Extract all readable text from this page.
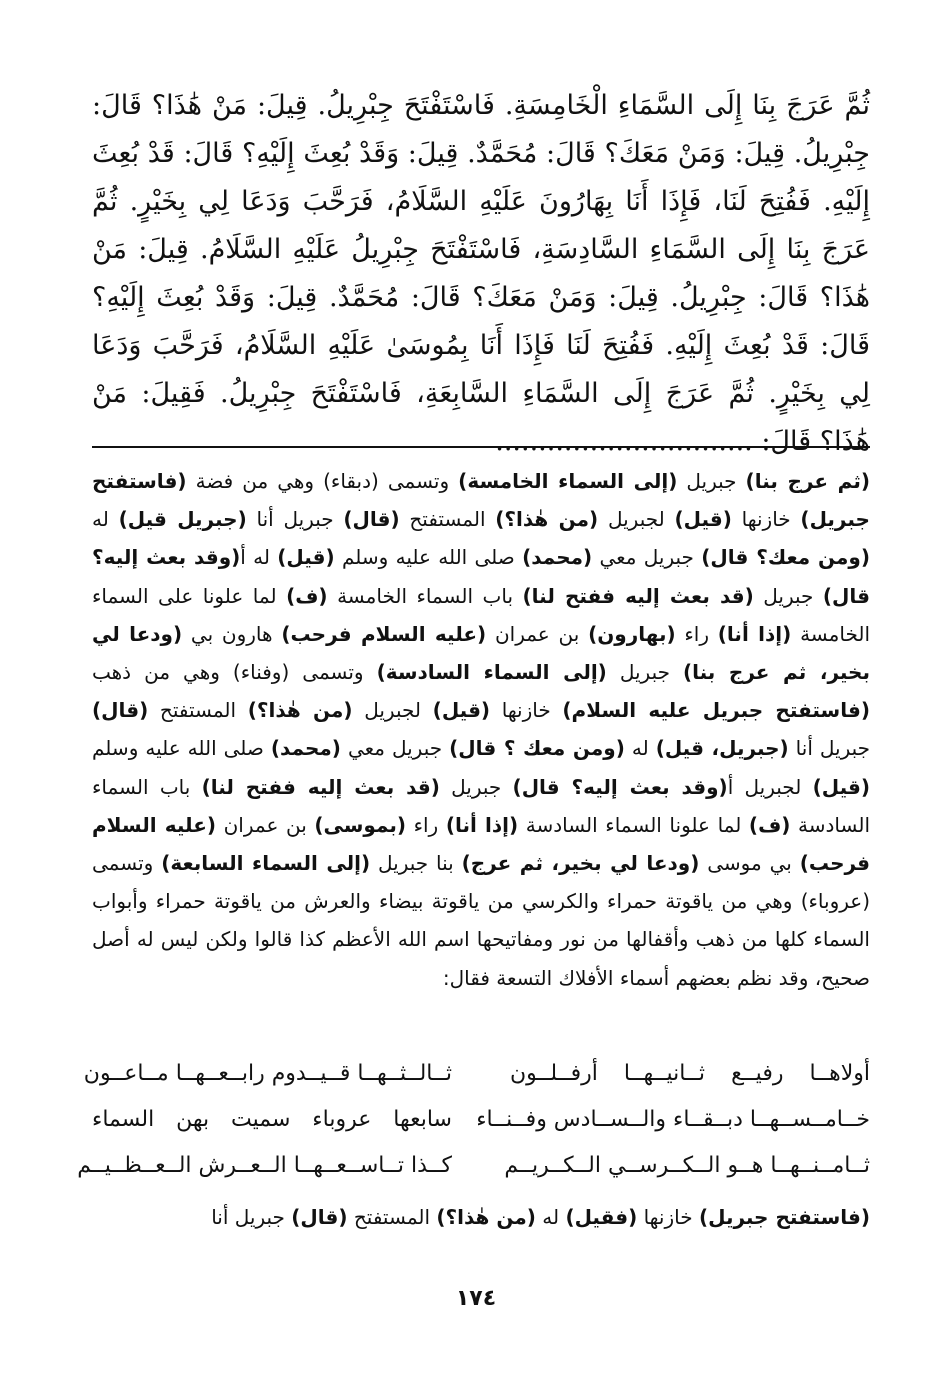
ثُمَّ عَرَجَ بِنَا إِلَى السَّمَاءِ الْخَامِسَةِ. فَاسْتَفْتَحَ جِبْرِيلُ. قِيلَ: مَنْ هَٰذَا؟ قَالَ: جِبْرِيلُ. قِيلَ: وَمَنْ مَعَكَ؟ قَالَ: مُحَمَّدٌ. قِيلَ: وَقَدْ بُعِثَ إِلَيْهِ؟ قَالَ: قَدْ بُعِثَ إِلَيْهِ. فَفُتِحَ لَنَا، فَإِذَا أَنَا بِهَارُونَ عَلَيْهِ السَّلَامُ، فَرَحَّبَ وَدَعَا لِي بِخَيْرٍ. ثُمَّ عَرَجَ بِنَا إِلَى السَّمَاءِ السَّادِسَةِ، فَاسْتَفْتَحَ جِبْرِيلُ عَلَيْهِ السَّلَامُ. قِيلَ: مَنْ هَٰذَا؟ قَالَ: جِبْرِيلُ. قِيلَ: وَمَنْ مَعَكَ؟ قَالَ: مُحَمَّدٌ. قِيلَ: وَقَدْ بُعِثَ إِلَيْهِ؟ قَالَ: قَدْ بُعِثَ إِلَيْهِ. فَفُتِحَ لَنَا فَإِذَا أَنَا بِمُوسَىٰ عَلَيْهِ السَّلَامُ، فَرَحَّبَ وَدَعَا لِي بِخَيْرٍ. ثُمَّ عَرَجَ إِلَى السَّمَاءِ السَّابِعَةِ، فَاسْتَفْتَحَ جِبْرِيلُ. فَقِيلَ: مَنْ هَٰذَا؟ قَالَ: ..............................

(ثم عرج بنا) جبريل (إلى السماء الخامسة) وتسمى (دبقاء) وهي من فضة (فاستفتح جبريل) خازنها (قيل) لجبريل (من هٰذا؟) المستفتح (قال) جبريل أنا (جبريل قيل) له (ومن معك؟ قال) جبريل معي (محمد) صلى الله عليه وسلم (قيل) له أ(وقد بعث إليه؟ قال) جبريل (قد بعث إليه ففتح لنا) باب السماء الخامسة (ف) لما علونا على السماء الخامسة (إذا أنا) راء (بهارون) بن عمران (عليه السلام فرحب) هارون بي (ودعا لي بخير، ثم عرج بنا) جبريل (إلى السماء السادسة) وتسمى (وفناء) وهي من ذهب (فاستفتح جبريل عليه السلام) خازنها (قيل) لجبريل (من هٰذا؟) المستفتح (قال) جبريل أنا (جبريل، قيل) له (ومن معك ؟ قال) جبريل معي (محمد) صلى الله عليه وسلم (قيل) لجبريل أ(وقد بعث إليه؟ قال) جبريل (قد بعث إليه ففتح لنا) باب السماء السادسة (ف) لما علونا السماء السادسة (إذا أنا) راء (بموسى) بن عمران (عليه السلام فرحب) بي موسى (ودعا لي بخير، ثم عرج) بنا جبريل (إلى السماء السابعة) وتسمى (عروباء) وهي من ياقوتة حمراء والكرسي من ياقوتة بيضاء والعرش من ياقوتة حمراء وأبواب السماء كلها من ذهب وأقفالها من نور ومفاتيحها اسم الله الأعظم كذا قالوا ولكن ليس له أصل صحيح، وقد نظم بعضهم أسماء الأفلاك التسعة فقال:

أولاهــا رفيــع ثــانيــهــا أرفــلــون
ثــالــثــهــا قــيــدوم رابــعــهــا مــاعــون
خــامــســهــا دبــقــاء والــســادس وفــنــاء
سابعها عروباء سميت بهن السماء
ثــامــنــهــا هــو الــكــرســي الــكــريــم
كــذا تــاســعــهــا الــعــرش الــعــظــيــم

(فاستفتح جبريل) خازنها (فقيل) له (من هٰذا؟) المستفتح (قال) جبريل أنا

١٧٤
